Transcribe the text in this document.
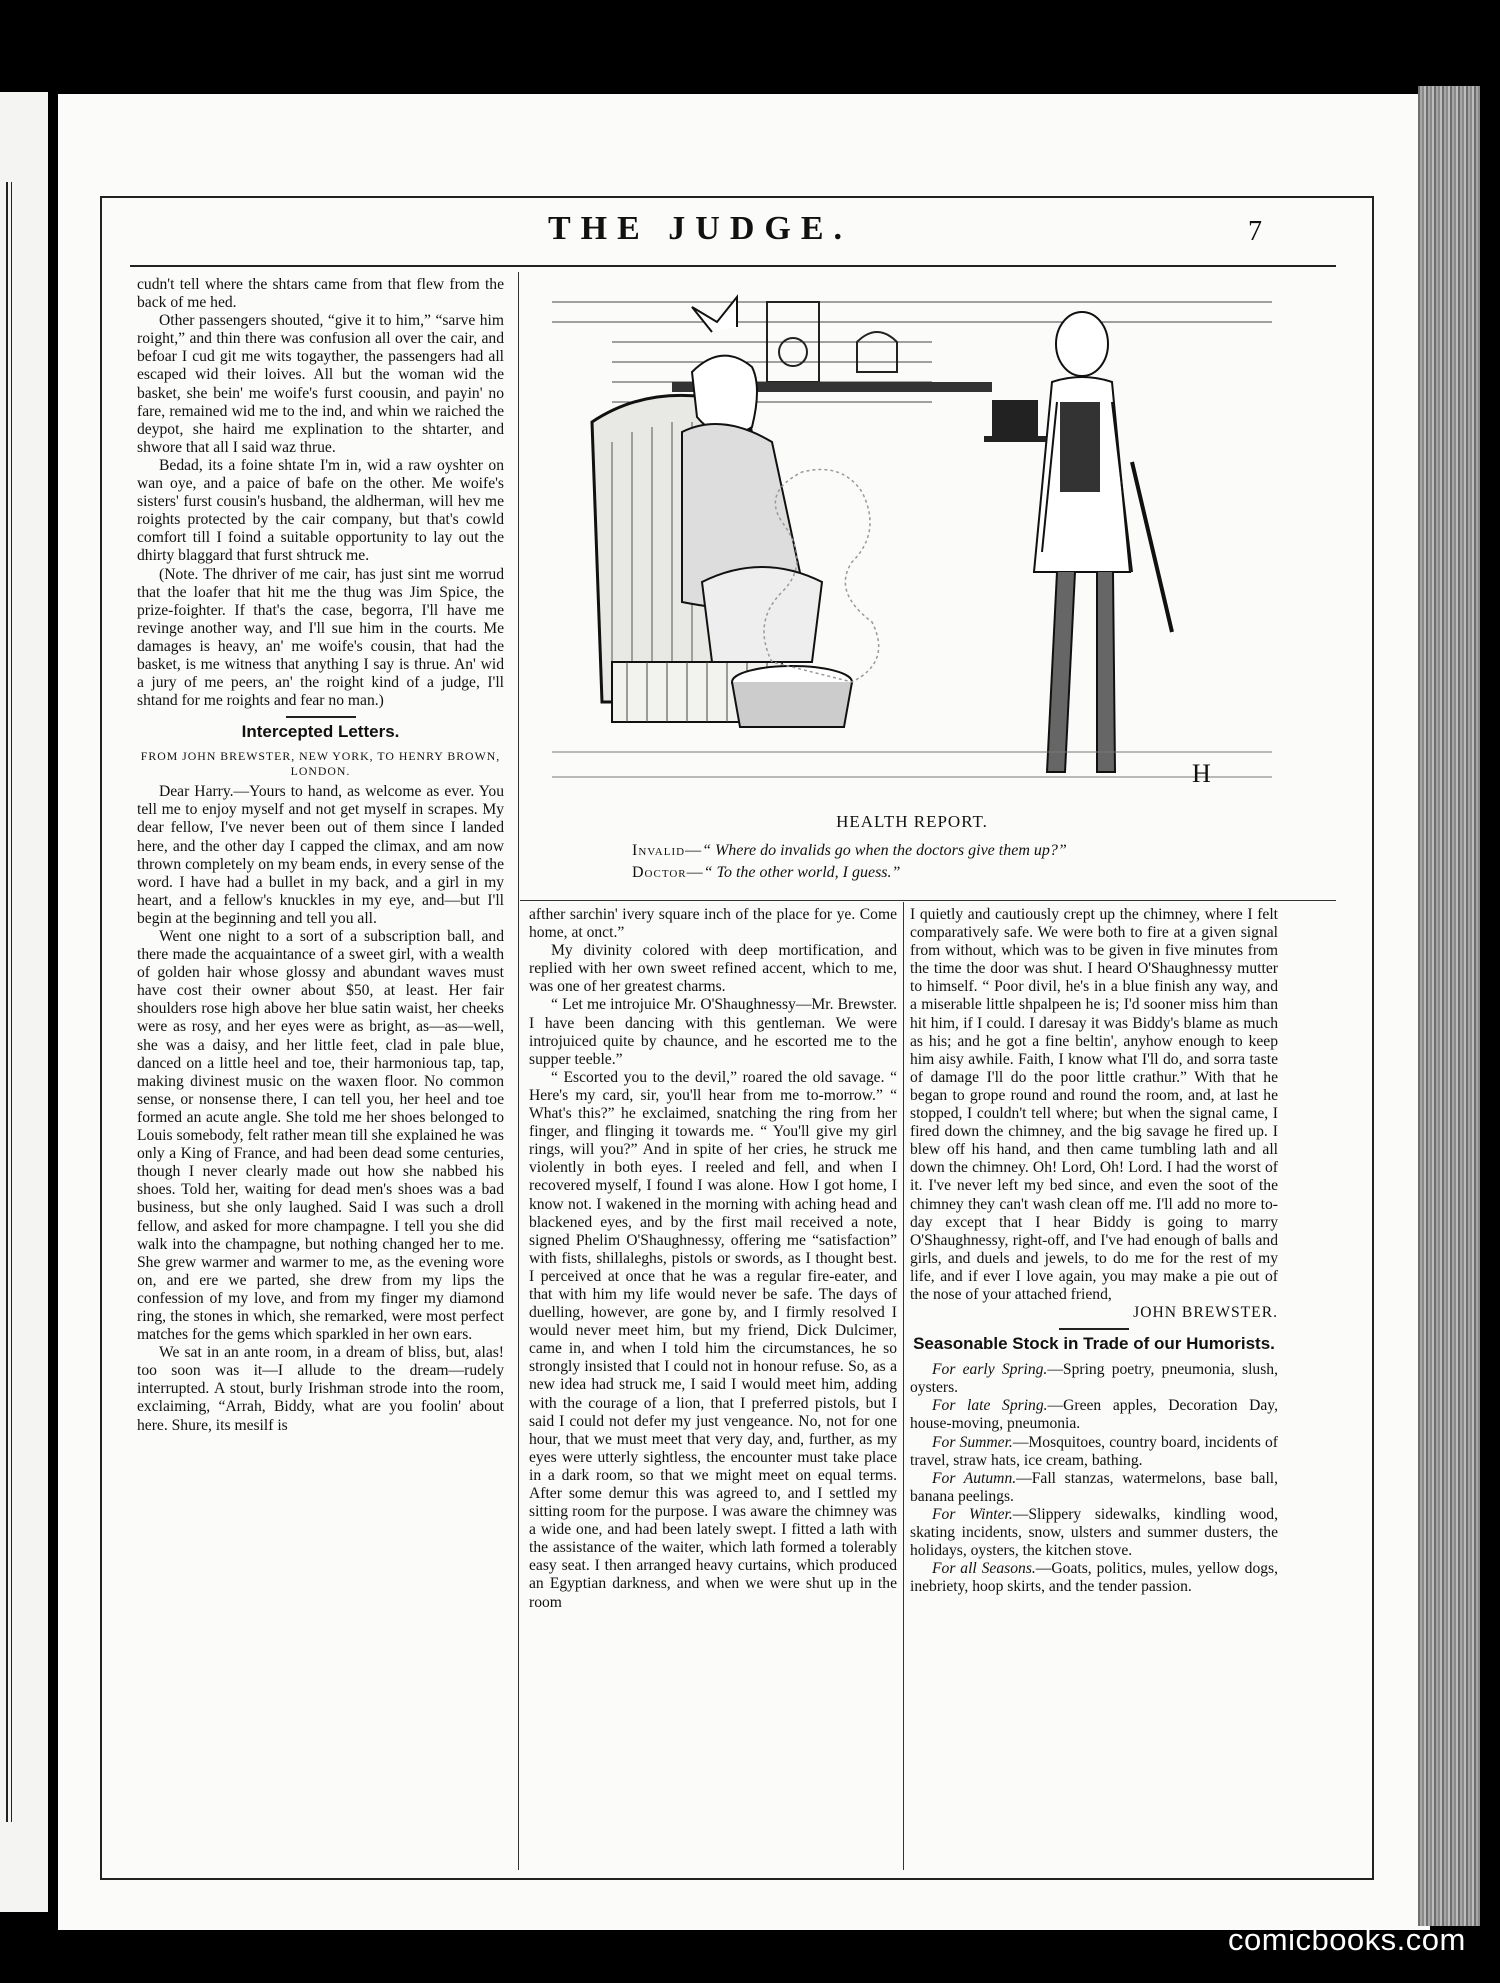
THE JUDGE.	7

cudn't tell where the shtars came from that flew from the back of me hed.

Other passengers shouted, “give it to him,” “sarve him roight,” and thin there was confusion all over the cair, and befoar I cud git me wits togayther, the passengers had all escaped wid their loives. All but the woman wid the basket, she bein' me woife's furst coousin, and payin' no fare, remained wid me to the ind, and whin we raiched the deypot, she haird me explination to the shtarter, and shwore that all I said waz thrue.

Bedad, its a foine shtate I'm in, wid a raw oyshter on wan oye, and a paice of bafe on the other. Me woife's sisters' furst cousin's husband, the aldherman, will hev me roights protected by the cair company, but that's cowld comfort till I foind a suitable opportunity to lay out the dhirty blaggard that furst shtruck me.

(Note. The dhriver of me cair, has just sint me worrud that the loafer that hit me the thug was Jim Spice, the prize-foighter. If that's the case, begorra, I'll have me revinge another way, and I'll sue him in the courts. Me damages is heavy, an' me woife's cousin, that had the basket, is me witness that anything I say is thrue. An' wid a jury of me peers, an' the roight kind of a judge, I'll shtand for me roights and fear no man.)

Intercepted Letters.
FROM JOHN BREWSTER, NEW YORK, TO HENRY BROWN, LONDON.

Dear Harry.—Yours to hand, as welcome as ever. You tell me to enjoy myself and not get myself in scrapes. My dear fellow, I've never been out of them since I landed here, and the other day I capped the climax, and am now thrown completely on my beam ends, in every sense of the word. I have had a bullet in my back, and a girl in my heart, and a fellow's knuckles in my eye, and—but I'll begin at the beginning and tell you all.

Went one night to a sort of a subscription ball, and there made the acquaintance of a sweet girl, with a wealth of golden hair whose glossy and abundant waves must have cost their owner about $50, at least. Her fair shoulders rose high above her blue satin waist, her cheeks were as rosy, and her eyes were as bright, as—as—well, she was a daisy, and her little feet, clad in pale blue, danced on a little heel and toe, their harmonious tap, tap, making divinest music on the waxen floor. No common sense, or nonsense there, I can tell you, her heel and toe formed an acute angle. She told me her shoes belonged to Louis somebody, felt rather mean till she explained he was only a King of France, and had been dead some centuries, though I never clearly made out how she nabbed his shoes. Told her, waiting for dead men's shoes was a bad business, but she only laughed. Said I was such a droll fellow, and asked for more champagne. I tell you she did walk into the champagne, but nothing changed her to me. She grew warmer and warmer to me, as the evening wore on, and ere we parted, she drew from my lips the confession of my love, and from my finger my diamond ring, the stones in which, she remarked, were most perfect matches for the gems which sparkled in her own ears.

We sat in an ante room, in a dream of bliss, but, alas! too soon was it—I allude to the dream—rudely interrupted. A stout, burly Irishman strode into the room, exclaiming, “Arrah, Biddy, what are you foolin' about here. Shure, its mesilf is

H
HEALTH REPORT.
Invalid—“ Where do invalids go when the doctors give them up?”
Doctor—“ To the other world, I guess.”

afther sarchin' ivery square inch of the place for ye. Come home, at onct.”

My divinity colored with deep mortification, and replied with her own sweet refined accent, which to me, was one of her greatest charms.

“ Let me introjuice Mr. O'Shaughnessy—Mr. Brewster. I have been dancing with this gentleman. We were introjuiced quite by chaunce, and he escorted me to the supper teeble.”

“ Escorted you to the devil,” roared the old savage. “ Here's my card, sir, you'll hear from me to-morrow.” “ What's this?” he exclaimed, snatching the ring from her finger, and flinging it towards me. “ You'll give my girl rings, will you?” And in spite of her cries, he struck me violently in both eyes. I reeled and fell, and when I recovered myself, I found I was alone. How I got home, I know not. I wakened in the morning with aching head and blackened eyes, and by the first mail received a note, signed Phelim O'Shaughnessy, offering me “satisfaction” with fists, shillaleghs, pistols or swords, as I thought best. I perceived at once that he was a regular fire-eater, and that with him my life would never be safe. The days of duelling, however, are gone by, and I firmly resolved I would never meet him, but my friend, Dick Dulcimer, came in, and when I told him the circumstances, he so strongly insisted that I could not in honour refuse. So, as a new idea had struck me, I said I would meet him, adding with the courage of a lion, that I preferred pistols, but I said I could not defer my just vengeance. No, not for one hour, that we must meet that very day, and, further, as my eyes were utterly sightless, the encounter must take place in a dark room, so that we might meet on equal terms. After some demur this was agreed to, and I settled my sitting room for the purpose. I was aware the chimney was a wide one, and had been lately swept. I fitted a lath with the assistance of the waiter, which lath formed a tolerably easy seat. I then arranged heavy curtains, which produced an Egyptian darkness, and when we were shut up in the room

I quietly and cautiously crept up the chimney, where I felt comparatively safe. We were both to fire at a given signal from without, which was to be given in five minutes from the time the door was shut. I heard O'Shaughnessy mutter to himself. “ Poor divil, he's in a blue finish any way, and a miserable little shpalpeen he is; I'd sooner miss him than hit him, if I could. I daresay it was Biddy's blame as much as his; and he got a fine beltin', anyhow enough to keep him aisy awhile. Faith, I know what I'll do, and sorra taste of damage I'll do the poor little crathur.” With that he began to grope round and round the room, and, at last he stopped, I couldn't tell where; but when the signal came, I fired down the chimney, and the big savage he fired up. I blew off his hand, and then came tumbling lath and all down the chimney. Oh! Lord, Oh! Lord. I had the worst of it. I've never left my bed since, and even the soot of the chimney they can't wash clean off me. I'll add no more to-day except that I hear Biddy is going to marry O'Shaughnessy, right-off, and I've had enough of balls and girls, and duels and jewels, to do me for the rest of my life, and if ever I love again, you may make a pie out of the nose of your attached friend,

JOHN BREWSTER.

Seasonable Stock in Trade of our Humorists.

For early Spring.—Spring poetry, pneumonia, slush, oysters.

For late Spring.—Green apples, Decoration Day, house-moving, pneumonia.

For Summer.—Mosquitoes, country board, incidents of travel, straw hats, ice cream, bathing.

For Autumn.—Fall stanzas, watermelons, base ball, banana peelings.

For Winter.—Slippery sidewalks, kindling wood, skating incidents, snow, ulsters and summer dusters, the holidays, oysters, the kitchen stove.

For all Seasons.—Goats, politics, mules, yellow dogs, inebriety, hoop skirts, and the tender passion.

comicbooks.com
